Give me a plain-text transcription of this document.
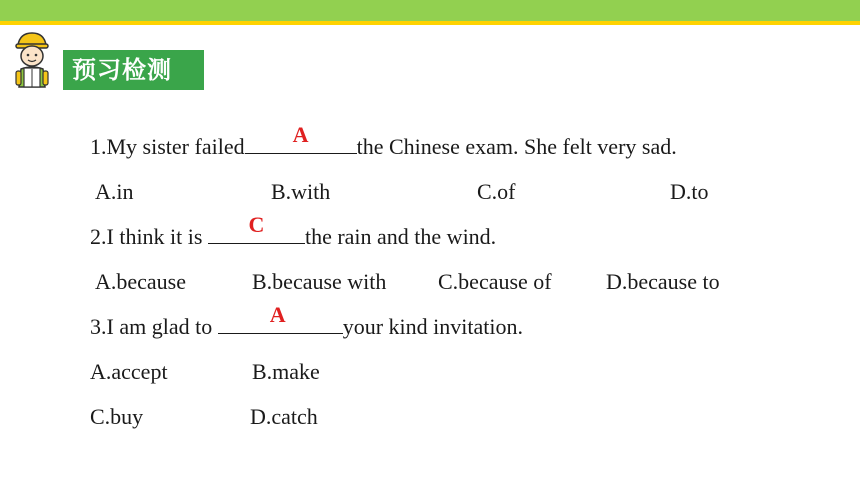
预习检测
1.My sister failed	A	the Chinese exam. She felt very sad.
A.in	B.with	C.of	D.to
2.I think it is	C	the rain and the wind.
A.because	B.because with C.because of D.because to
3.I am glad to	A	your kind invitation.
A.accept	B.make
C.buy	D.catch
